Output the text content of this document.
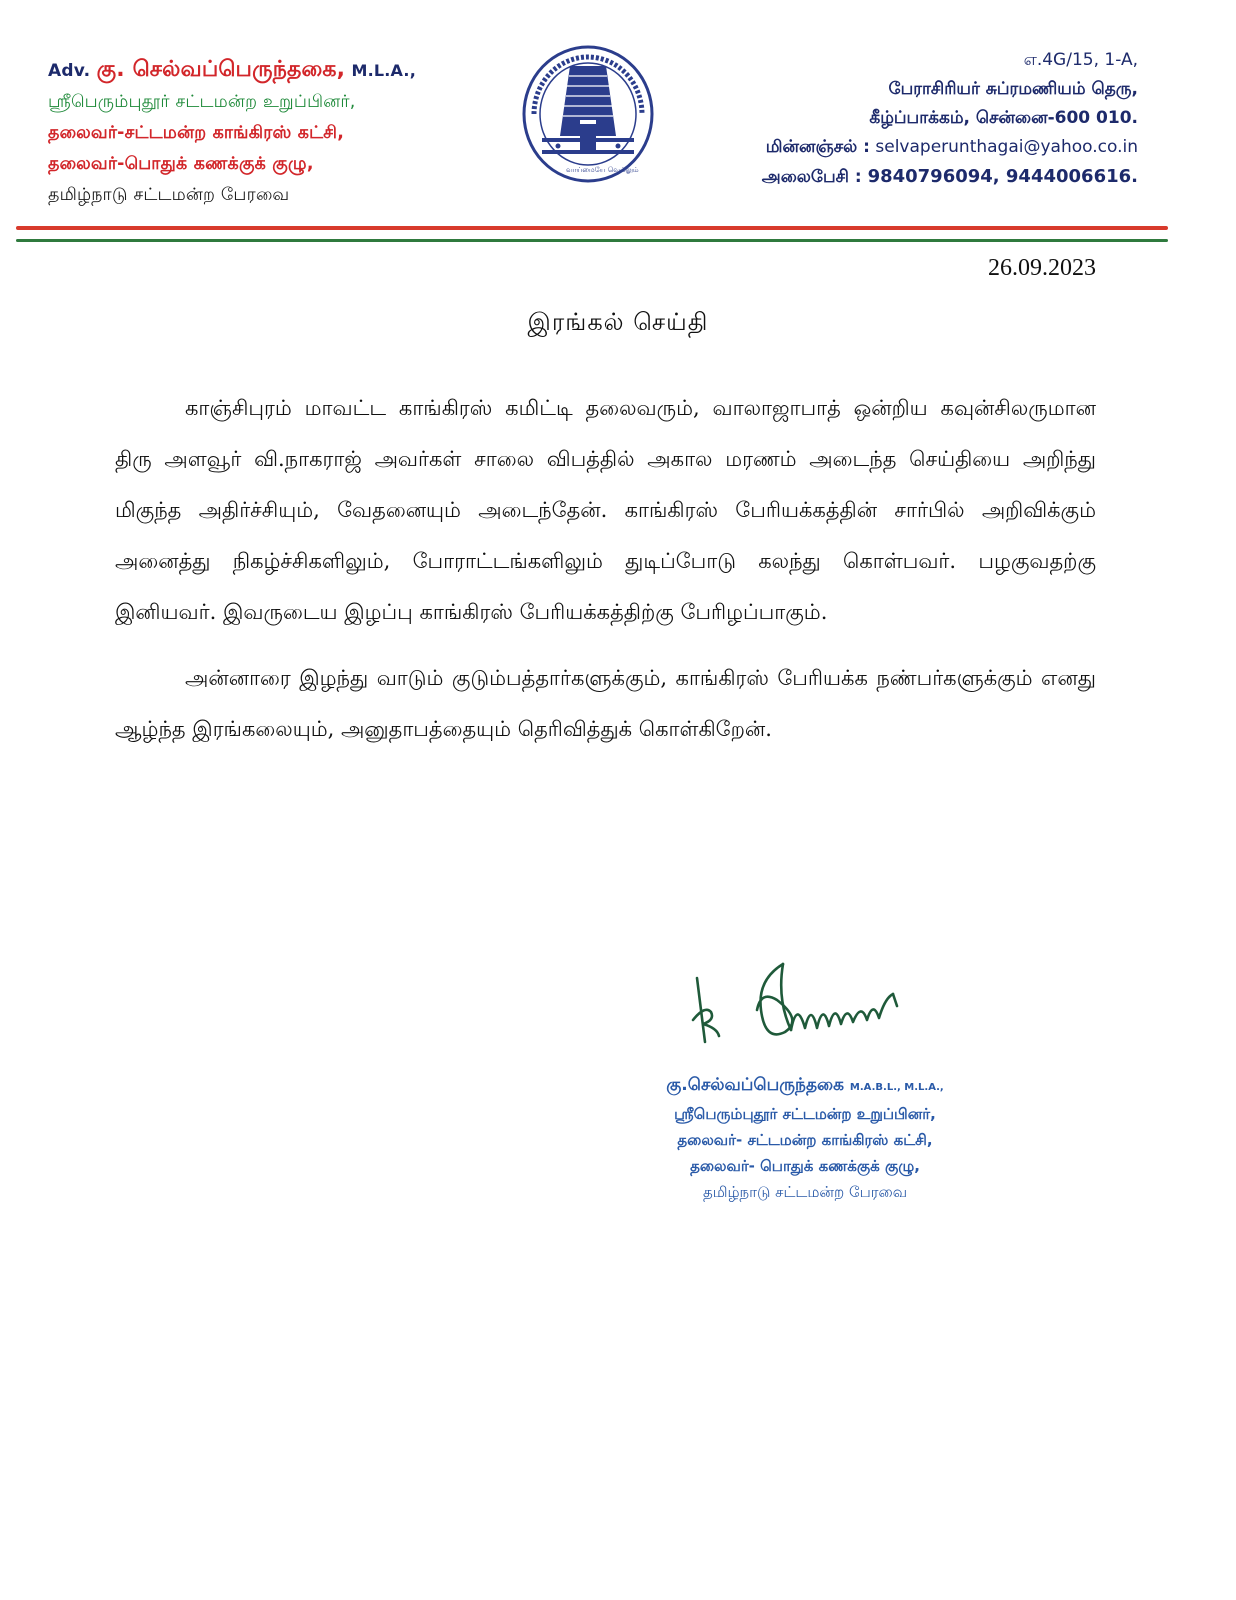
Adv. கு. செல்வப்பெருந்தகை, M.L.A.,
ஸ்ரீபெரும்புதூர் சட்டமன்ற உறுப்பினர்,
தலைவர்-சட்டமன்ற காங்கிரஸ் கட்சி,
தலைவர்-பொதுக் கணக்குக் குழு,
தமிழ்நாடு சட்டமன்ற பேரவை
வாய்மையே வெல்லும்
எ.4G/15, 1-A,
பேராசிரியர் சுப்ரமணியம் தெரு,
கீழ்ப்பாக்கம், சென்னை-600 010.
மின்னஞ்சல் : selvaperunthagai@yahoo.co.in
அலைபேசி : 9840796094, 9444006616.
26.09.2023
இரங்கல் செய்தி

காஞ்சிபுரம் மாவட்ட காங்கிரஸ் கமிட்டி தலைவரும், வாலாஜாபாத் ஒன்றிய கவுன்சிலருமான திரு அளவூர் வி.நாகராஜ் அவர்கள் சாலை விபத்தில் அகால மரணம் அடைந்த செய்தியை அறிந்து மிகுந்த அதிர்ச்சியும், வேதனையும் அடைந்தேன். காங்கிரஸ் பேரியக்கத்தின் சார்பில் அறிவிக்கும் அனைத்து நிகழ்ச்சிகளிலும், போராட்டங்களிலும் துடிப்போடு கலந்து கொள்பவர். பழகுவதற்கு இனியவர். இவருடைய இழப்பு காங்கிரஸ் பேரியக்கத்திற்கு பேரிழப்பாகும்.

அன்னாரை இழந்து வாடும் குடும்பத்தார்களுக்கும், காங்கிரஸ் பேரியக்க நண்பர்களுக்கும் எனது ஆழ்ந்த இரங்கலையும், அனுதாபத்தையும் தெரிவித்துக் கொள்கிறேன்.

கு.செல்வப்பெருந்தகை M.A.B.L., M.L.A.,
ஸ்ரீபெரும்புதூர் சட்டமன்ற உறுப்பினர்,
தலைவர்- சட்டமன்ற காங்கிரஸ் கட்சி,
தலைவர்- பொதுக் கணக்குக் குழு,
தமிழ்நாடு சட்டமன்ற பேரவை
